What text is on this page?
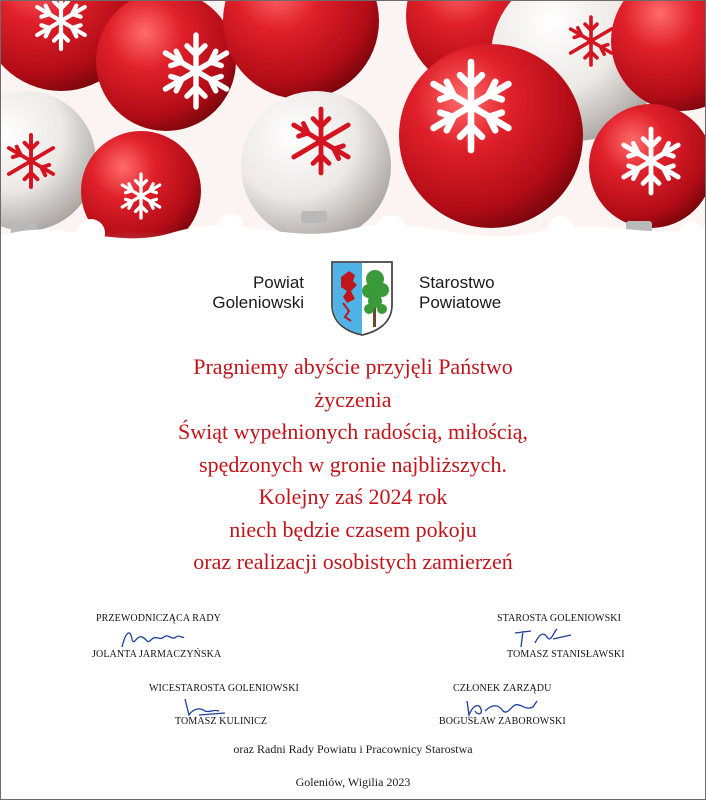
Powiat
Goleniowski
Starostwo
Powiatowe
Pragniemy abyście przyjęli Państwo
życzenia
Świąt wypełnionych radością, miłością,
spędzonych w gronie najbliższych.
Kolejny zaś 2024 rok
niech będzie czasem pokoju
oraz realizacji osobistych zamierzeń
PRZEWODNICZĄCA RADY
JOLANTA JARMACZYŃSKA
STAROSTA GOLENIOWSKI
TOMASZ STANISŁAWSKI
WICESTAROSTA GOLENIOWSKI
TOMASZ KULINICZ
CZŁONEK ZARZĄDU
BOGUSŁAW ZABOROWSKI
oraz Radni Rady Powiatu i Pracownicy Starostwa
Goleniów, Wigilia 2023
